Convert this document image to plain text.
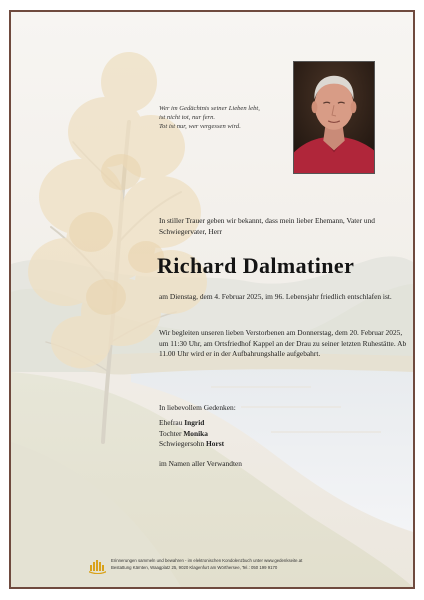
Wer im Gedächtnis seiner Lieben lebt,
ist nicht tot, nur fern.
Tot ist nur, wer vergessen wird.

In stiller Trauer geben wir bekannt, dass mein lieber Ehemann, Vater und Schwiegervater, Herr

Richard Dalmatiner

am Dienstag, dem 4. Februar 2025, im 96. Lebensjahr friedlich entschlafen ist.

Wir begleiten unseren lieben Verstorbenen am Donnerstag, dem 20. Februar 2025, um 11:30 Uhr, am Ortsfriedhof Kappel an der Drau zu seiner letzten Ruhestätte. Ab 11.00 Uhr wird er in der Aufbahrungshalle aufgebahrt.

In liebevollem Gedenken:
Ehefrau Ingrid
Tochter Monika
Schwiegersohn Horst
im Namen aller Verwandten
Erinnerungen sammeln und bewahren - im elektronischen Kondolenzbuch unter www.gedenkseite.at
Bestattung Kärnten, Waagplatz 25, 9020 Klagenfurt am Wörthersee, Tel.: 050 199 9170
